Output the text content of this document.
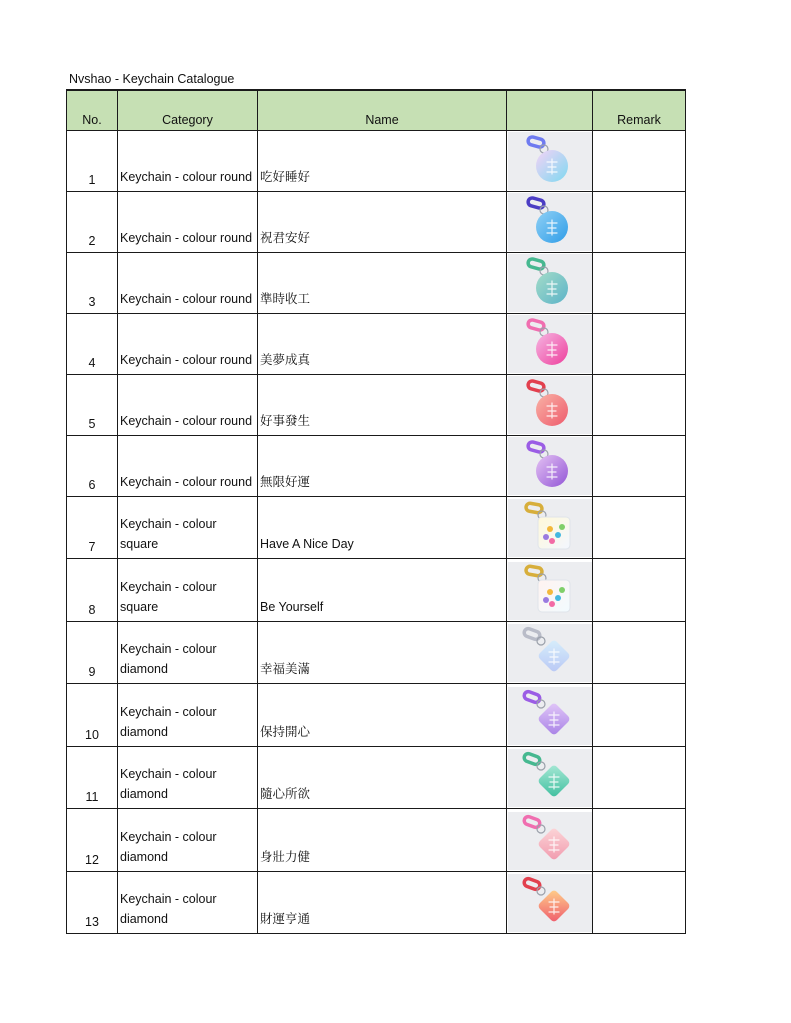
Nvshao - Keychain Catalogue
No.	Category	Name		Remark
1	Keychain - colour round	吃好睡好	

2	Keychain - colour round	祝君安好	

3	Keychain - colour round	準時收工	

4	Keychain - colour round	美夢成真	

5	Keychain - colour round	好事發生	

6	Keychain - colour round	無限好運	

7	Keychain - colour
square	Have A Nice Day	

8	Keychain - colour
square	Be Yourself	

9	Keychain - colour
diamond	幸福美滿	

10	Keychain - colour
diamond	保持開心	

11	Keychain - colour
diamond	隨心所欲	

12	Keychain - colour
diamond	身壯力健	

13	Keychain - colour
diamond	財運亨通	
